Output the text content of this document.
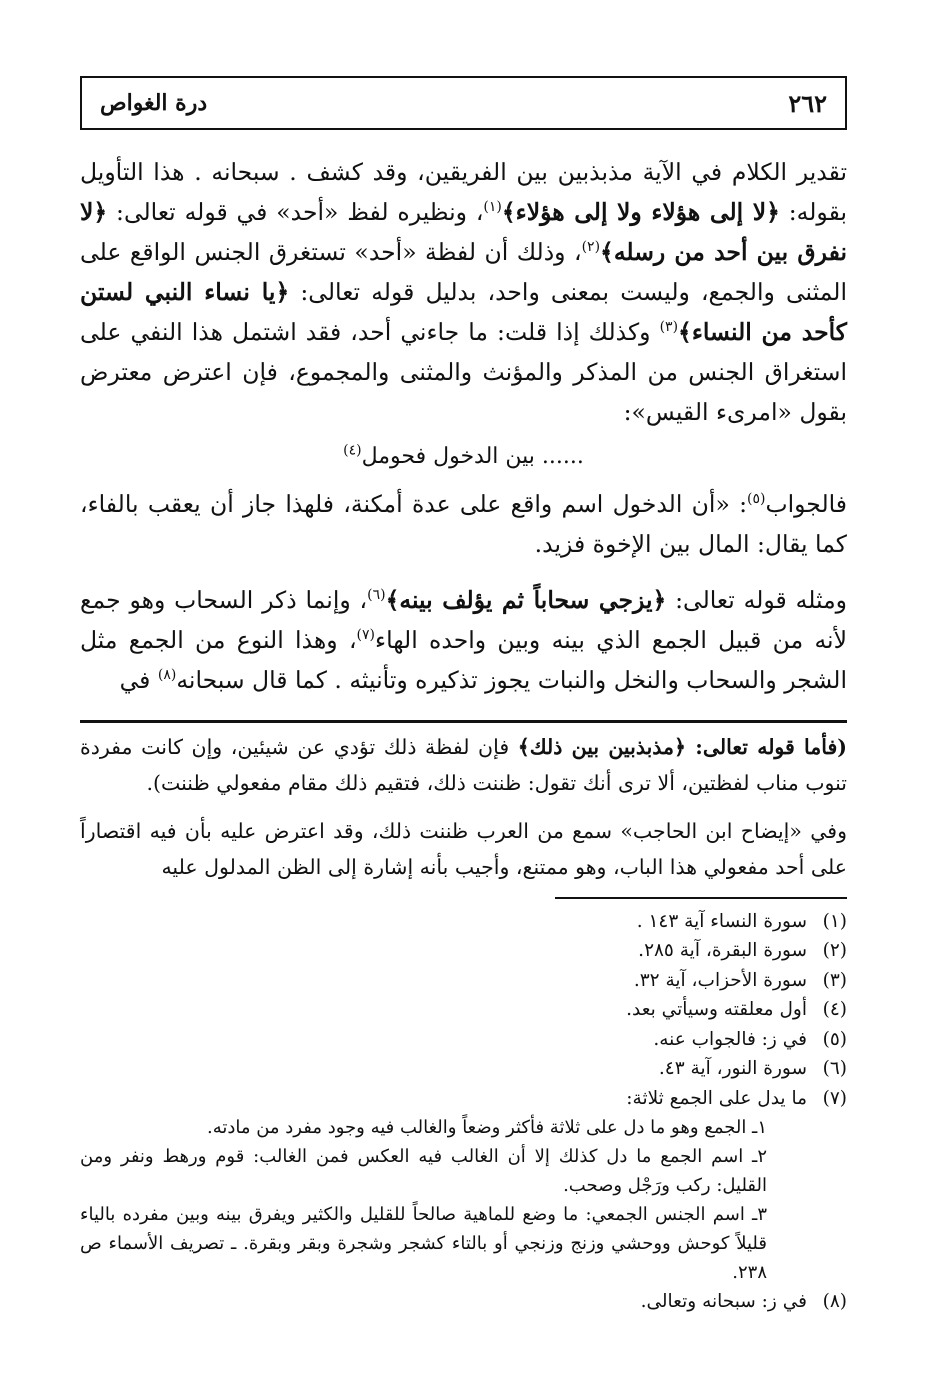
٢٦٢
درة الغواص

تقدير الكلام في الآية مذبذبين بين الفريقين، وقد كشف . سبحانه . هذا التأويل بقوله: ﴿لا إلى هؤلاء ولا إلى هؤلاء﴾$^{(١)}$، ونظيره لفظ «أحد» في قوله تعالى: ﴿لا نفرق بين أحد من رسله﴾$^{(٢)}$، وذلك أن لفظة «أحد» تستغرق الجنس الواقع على المثنى والجمع، وليست بمعنى واحد، بدليل قوله تعالى: ﴿يا نساء النبي لستن كأحد من النساء﴾$^{(٣)}$ وكذلك إذا قلت: ما جاءني أحد، فقد اشتمل هذا النفي على استغراق الجنس من المذكر والمؤنث والمثنى والمجموع، فإن اعترض معترض بقول «امرىء القيس»:

...... بين الدخول فحومل$^{(٤)}$

فالجواب$^{(٥)}$: «أن الدخول اسم واقع على عدة أمكنة، فلهذا جاز أن يعقب بالفاء، كما يقال: المال بين الإخوة فزيد.

ومثله قوله تعالى: ﴿يزجي سحاباً ثم يؤلف بينه﴾$^{(٦)}$، وإنما ذكر السحاب وهو جمع لأنه من قبيل الجمع الذي بينه وبين واحده الهاء$^{(٧)}$، وهذا النوع من الجمع مثل الشجر والسحاب والنخل والنبات يجوز تذكيره وتأنيثه . كما قال سبحانه$^{(٨)}$ في

(فأما قوله تعالى: ﴿مذبذبين بين ذلك﴾ فإن لفظة ذلك تؤدي عن شيئين، وإن كانت مفردة تنوب مناب لفظتين، ألا ترى أنك تقول: ظننت ذلك، فتقيم ذلك مقام مفعولي ظننت).

وفي «إيضاح ابن الحاجب» سمع من العرب ظننت ذلك، وقد اعترض عليه بأن فيه اقتصاراً على أحد مفعولي هذا الباب، وهو ممتنع، وأجيب بأنه إشارة إلى الظن المدلول عليه

(١)
سورة النساء آية ١٤٣ .
(٢)
سورة البقرة، آية ٢٨٥.
(٣)
سورة الأحزاب، آية ٣٢.
(٤)
أول معلقته وسيأتي بعد.
(٥)
في ز: فالجواب عنه.
(٦)
سورة النور، آية ٤٣.
(٧)
ما يدل على الجمع ثلاثة:
١ـ الجمع وهو ما دل على ثلاثة فأكثر وضعاً والغالب فيه وجود مفرد من مادته.
٢ـ اسم الجمع ما دل كذلك إلا أن الغالب فيه العكس فمن الغالب: قوم ورهط ونفر ومن القليل: ركب ورَجْل وصحب.
٣ـ اسم الجنس الجمعي: ما وضع للماهية صالحاً للقليل والكثير ويفرق بينه وبين مفرده بالياء قليلاً كوحش ووحشي وزنج وزنجي أو بالتاء كشجر وشجرة وبقر وبقرة. ـ تصريف الأسماء ص ٢٣٨.
(٨)
في ز: سبحانه وتعالى.
